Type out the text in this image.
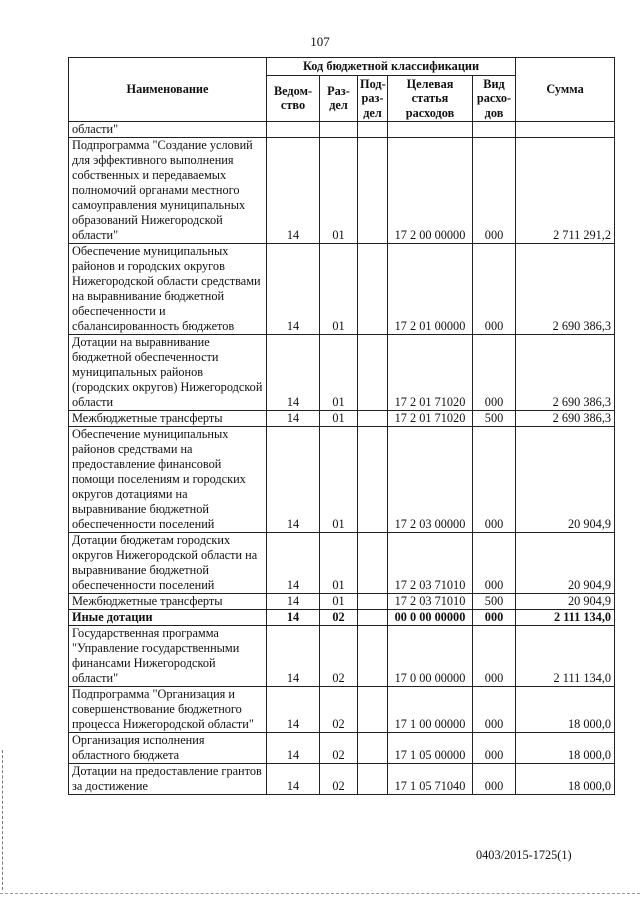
107
Наименование	Код бюджетной классификации					Сумма
	Ведом-ство	Раз-дел	Под-раз-дел	Целевая статья расходов	Вид расхо-дов	
области"						
Подпрограмма "Создание условий для эффективного выполнения собственных и передаваемых полномочий органами местного самоуправления муниципальных образований Нижегородской области"	14	01		17 2 00 00000	000	2 711 291,2
Обеспечение муниципальных районов и городских округов Нижегородской области средствами на выравнивание бюджетной обеспеченности и сбалансированность бюджетов	14	01		17 2 01 00000	000	2 690 386,3
Дотации на выравнивание бюджетной обеспеченности муниципальных районов (городских округов) Нижегородской области	14	01		17 2 01 71020	000	2 690 386,3
Межбюджетные трансферты	14	01		17 2 01 71020	500	2 690 386,3
Обеспечение муниципальных районов средствами на предоставление финансовой помощи поселениям и городских округов дотациями на выравнивание бюджетной обеспеченности поселений	14	01		17 2 03 00000	000	20 904,9
Дотации бюджетам городских округов Нижегородской области на выравнивание бюджетной обеспеченности поселений	14	01		17 2 03 71010	000	20 904,9
Межбюджетные трансферты	14	01		17 2 03 71010	500	20 904,9
Иные дотации	14	02		00 0 00 00000	000	2 111 134,0
Государственная программа "Управление государственными финансами Нижегородской области"	14	02		17 0 00 00000	000	2 111 134,0
Подпрограмма "Организация и совершенствование бюджетного процесса Нижегородской области"	14	02		17 1 00 00000	000	18 000,0
Организация исполнения областного бюджета	14	02		17 1 05 00000	000	18 000,0
Дотации на предоставление грантов за достижение	14	02		17 1 05 71040	000	18 000,0
0403/2015-1725(1)
